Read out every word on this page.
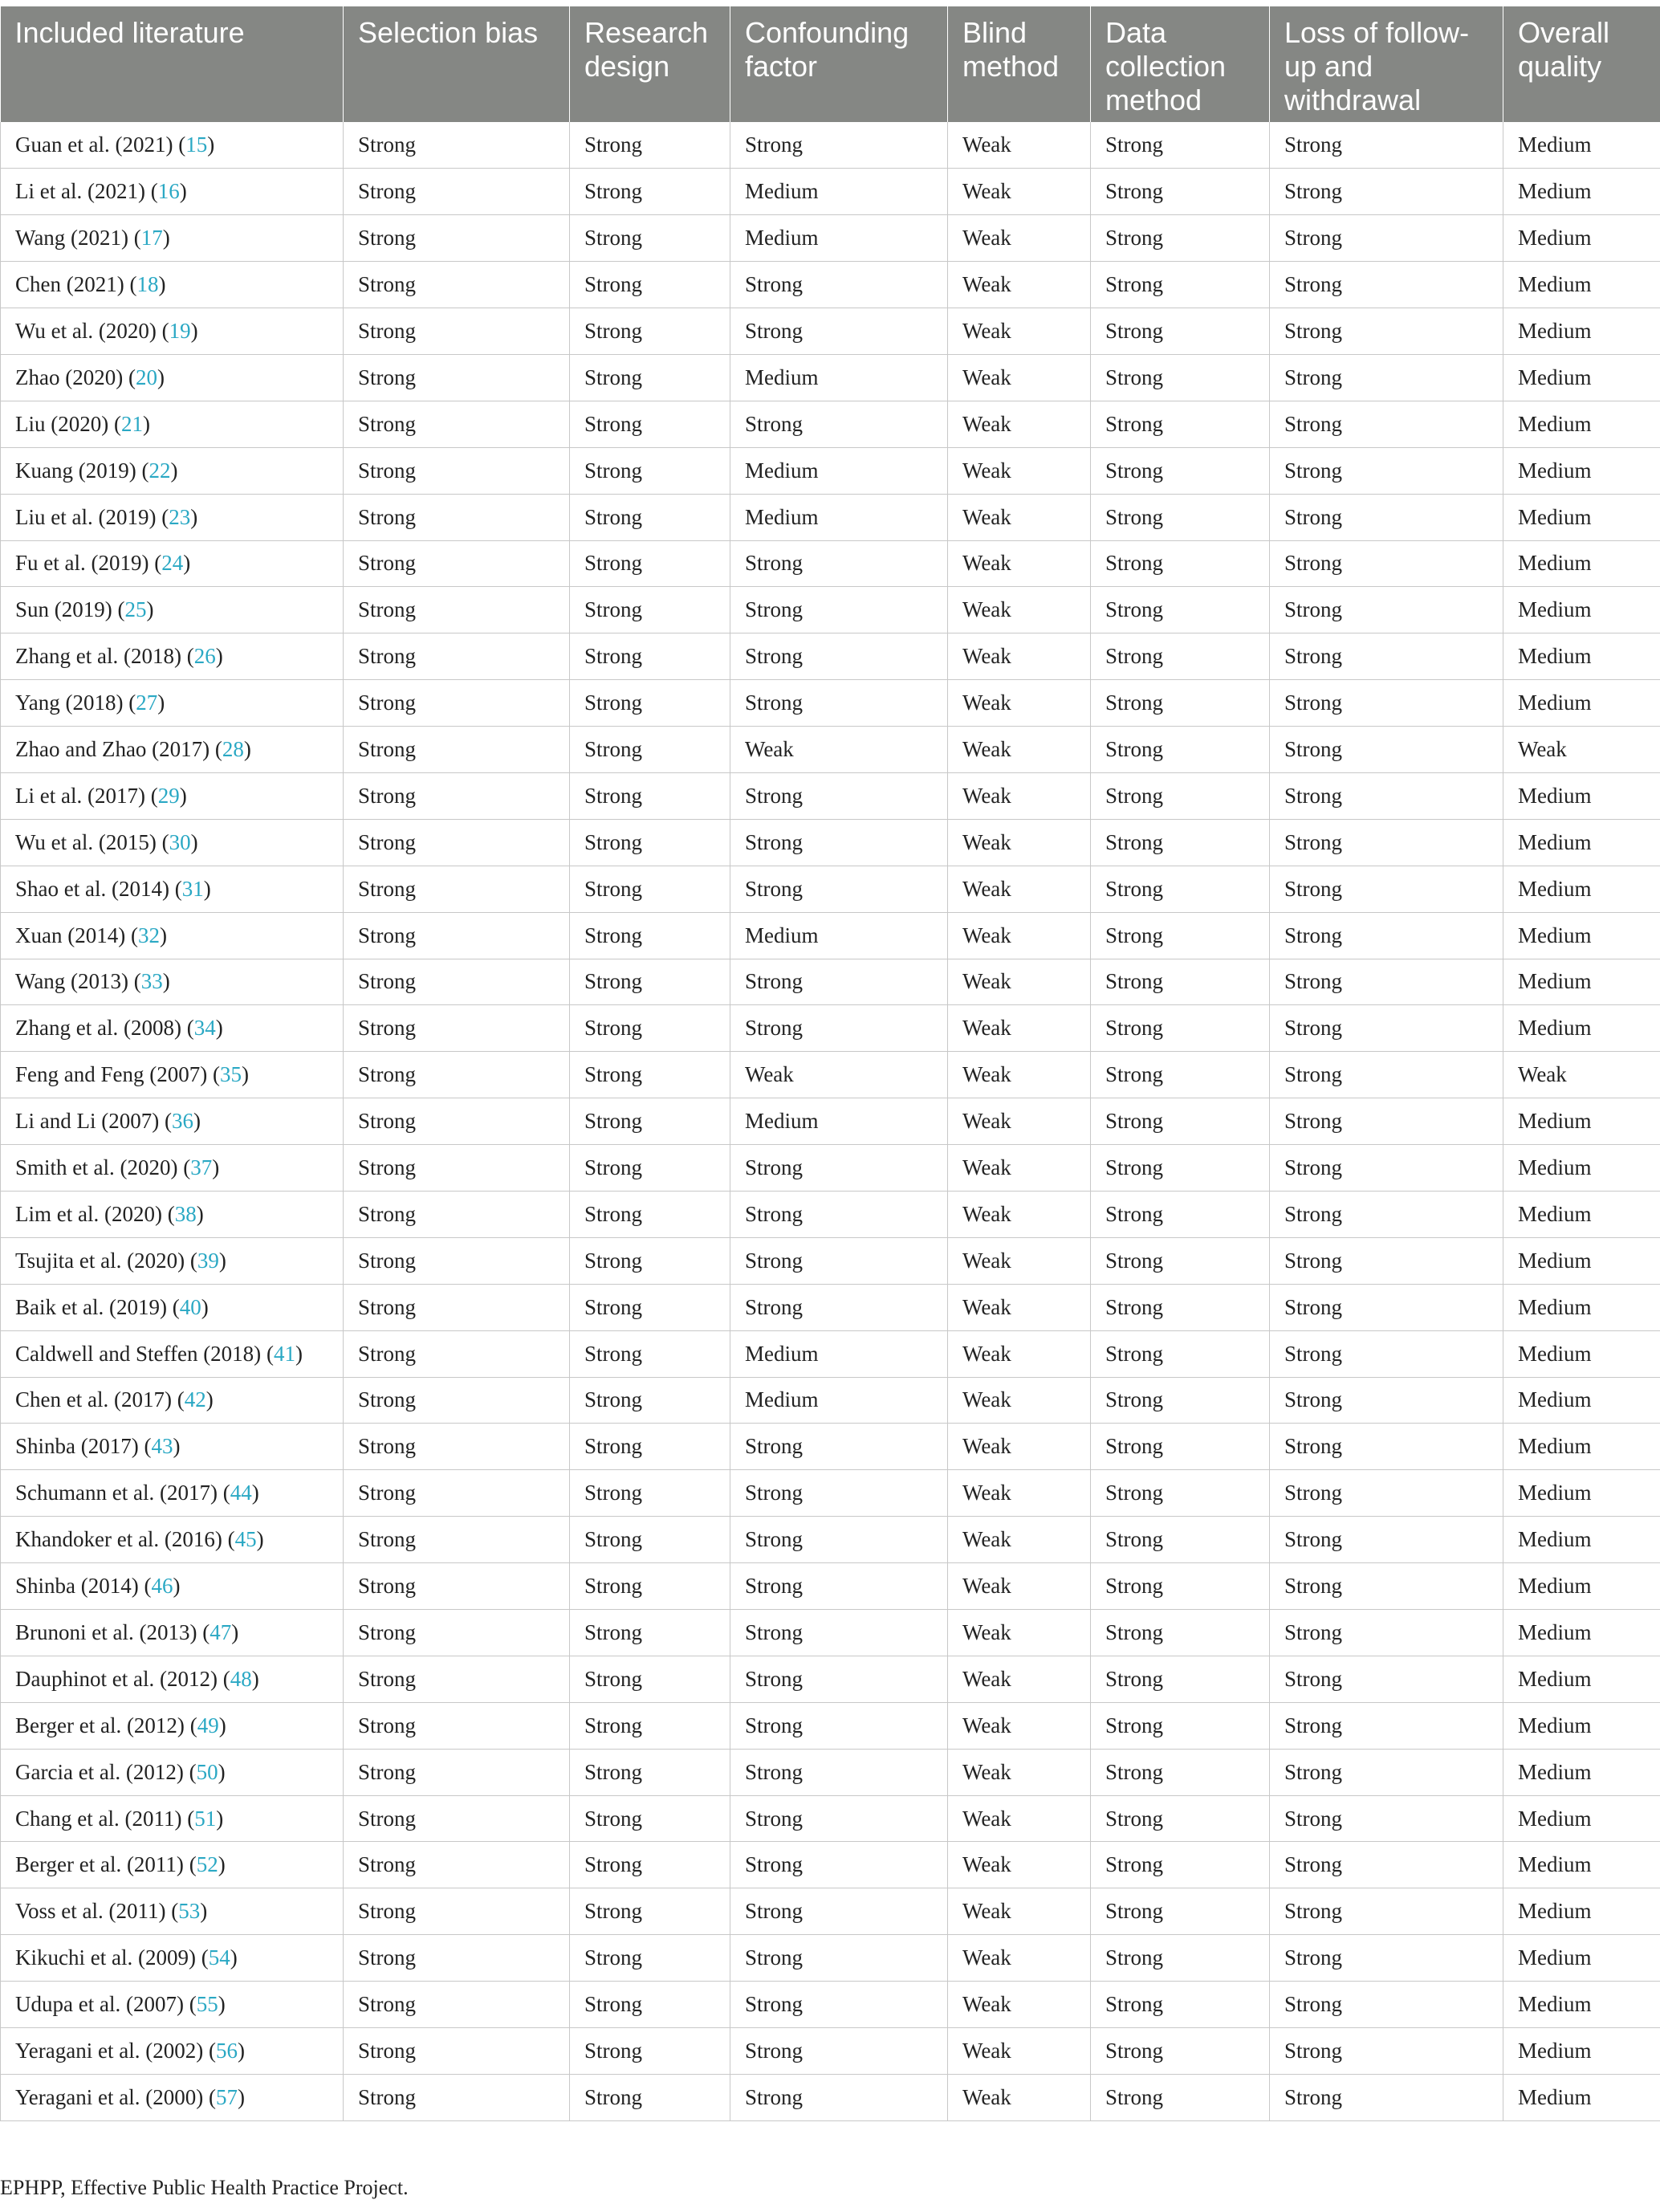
Included literature	Selection bias	Research design	Confounding factor	Blind method	Data collection method	Loss of follow-up and withdrawal	Overall quality
Guan et al. (2021) (15)	Strong	Strong	Strong	Weak	Strong	Strong	Medium
Li et al. (2021) (16)	Strong	Strong	Medium	Weak	Strong	Strong	Medium
Wang (2021) (17)	Strong	Strong	Medium	Weak	Strong	Strong	Medium
Chen (2021) (18)	Strong	Strong	Strong	Weak	Strong	Strong	Medium
Wu et al. (2020) (19)	Strong	Strong	Strong	Weak	Strong	Strong	Medium
Zhao (2020) (20)	Strong	Strong	Medium	Weak	Strong	Strong	Medium
Liu (2020) (21)	Strong	Strong	Strong	Weak	Strong	Strong	Medium
Kuang (2019) (22)	Strong	Strong	Medium	Weak	Strong	Strong	Medium
Liu et al. (2019) (23)	Strong	Strong	Medium	Weak	Strong	Strong	Medium
Fu et al. (2019) (24)	Strong	Strong	Strong	Weak	Strong	Strong	Medium
Sun (2019) (25)	Strong	Strong	Strong	Weak	Strong	Strong	Medium
Zhang et al. (2018) (26)	Strong	Strong	Strong	Weak	Strong	Strong	Medium
Yang (2018) (27)	Strong	Strong	Strong	Weak	Strong	Strong	Medium
Zhao and Zhao (2017) (28)	Strong	Strong	Weak	Weak	Strong	Strong	Weak
Li et al. (2017) (29)	Strong	Strong	Strong	Weak	Strong	Strong	Medium
Wu et al. (2015) (30)	Strong	Strong	Strong	Weak	Strong	Strong	Medium
Shao et al. (2014) (31)	Strong	Strong	Strong	Weak	Strong	Strong	Medium
Xuan (2014) (32)	Strong	Strong	Medium	Weak	Strong	Strong	Medium
Wang (2013) (33)	Strong	Strong	Strong	Weak	Strong	Strong	Medium
Zhang et al. (2008) (34)	Strong	Strong	Strong	Weak	Strong	Strong	Medium
Feng and Feng (2007) (35)	Strong	Strong	Weak	Weak	Strong	Strong	Weak
Li and Li (2007) (36)	Strong	Strong	Medium	Weak	Strong	Strong	Medium
Smith et al. (2020) (37)	Strong	Strong	Strong	Weak	Strong	Strong	Medium
Lim et al. (2020) (38)	Strong	Strong	Strong	Weak	Strong	Strong	Medium
Tsujita et al. (2020) (39)	Strong	Strong	Strong	Weak	Strong	Strong	Medium
Baik et al. (2019) (40)	Strong	Strong	Strong	Weak	Strong	Strong	Medium
Caldwell and Steffen (2018) (41)	Strong	Strong	Medium	Weak	Strong	Strong	Medium
Chen et al. (2017) (42)	Strong	Strong	Medium	Weak	Strong	Strong	Medium
Shinba (2017) (43)	Strong	Strong	Strong	Weak	Strong	Strong	Medium
Schumann et al. (2017) (44)	Strong	Strong	Strong	Weak	Strong	Strong	Medium
Khandoker et al. (2016) (45)	Strong	Strong	Strong	Weak	Strong	Strong	Medium
Shinba (2014) (46)	Strong	Strong	Strong	Weak	Strong	Strong	Medium
Brunoni et al. (2013) (47)	Strong	Strong	Strong	Weak	Strong	Strong	Medium
Dauphinot et al. (2012) (48)	Strong	Strong	Strong	Weak	Strong	Strong	Medium
Berger et al. (2012) (49)	Strong	Strong	Strong	Weak	Strong	Strong	Medium
Garcia et al. (2012) (50)	Strong	Strong	Strong	Weak	Strong	Strong	Medium
Chang et al. (2011) (51)	Strong	Strong	Strong	Weak	Strong	Strong	Medium
Berger et al. (2011) (52)	Strong	Strong	Strong	Weak	Strong	Strong	Medium
Voss et al. (2011) (53)	Strong	Strong	Strong	Weak	Strong	Strong	Medium
Kikuchi et al. (2009) (54)	Strong	Strong	Strong	Weak	Strong	Strong	Medium
Udupa et al. (2007) (55)	Strong	Strong	Strong	Weak	Strong	Strong	Medium
Yeragani et al. (2002) (56)	Strong	Strong	Strong	Weak	Strong	Strong	Medium
Yeragani et al. (2000) (57)	Strong	Strong	Strong	Weak	Strong	Strong	Medium
EPHPP, Effective Public Health Practice Project.
